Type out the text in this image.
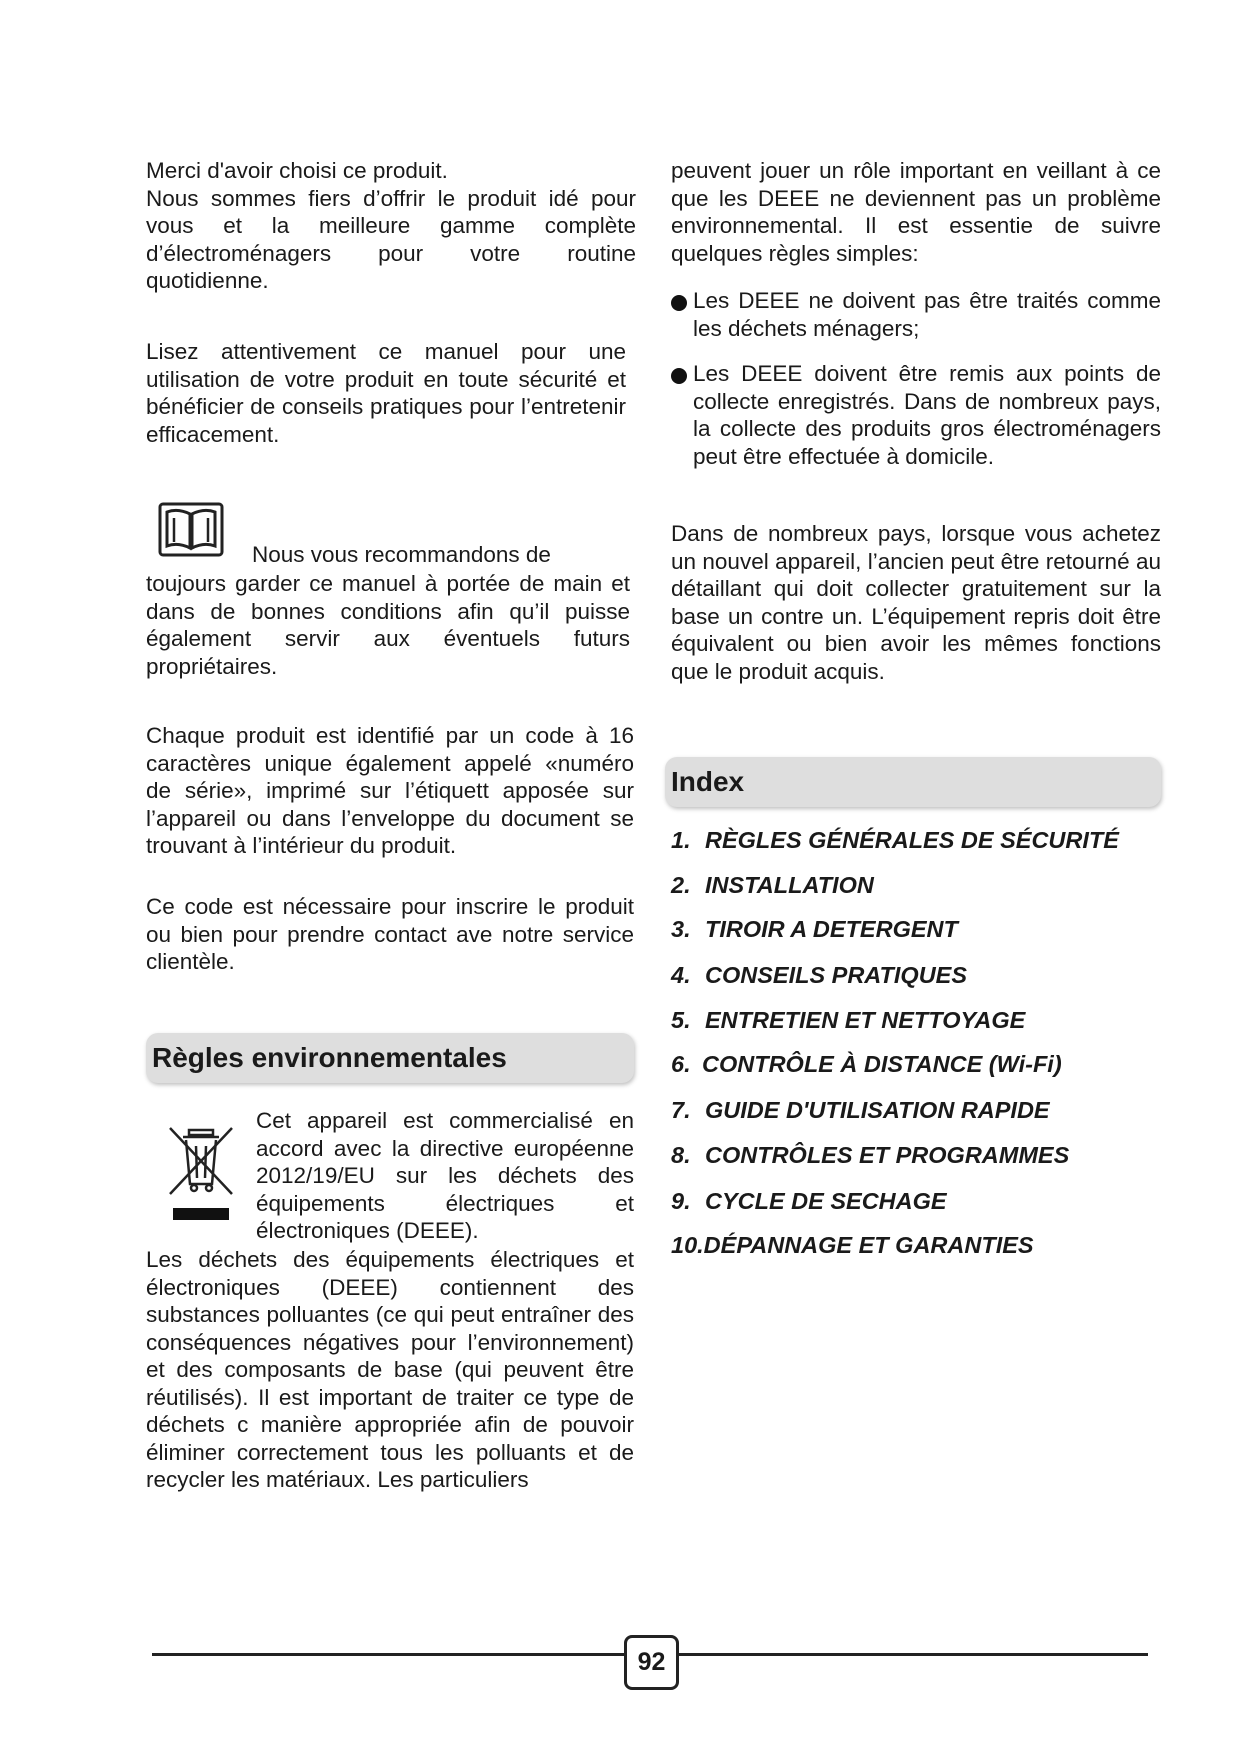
Merci d'avoir choisi ce produit.
Nous sommes fiers d’offrir le produit idé pour vous et la meilleure gamme complète d’électroménagers pour votre routine quotidienne.

Lisez attentivement ce manuel pour une utilisation de votre produit en toute sécurité et bénéficier de conseils pratiques pour l’entretenir efficacement.

Nous vous recommandons de

toujours garder ce manuel à portée de main et dans de bonnes conditions afin qu’il puisse également servir aux éventuels futurs propriétaires.

Chaque produit est identifié par un code à 16 caractères unique également appelé «numéro de série», imprimé sur l’étiquett apposée sur l’appareil ou dans l’enveloppe du document se trouvant à l’intérieur du produit.

Ce code est nécessaire pour inscrire le produit ou bien pour prendre contact ave notre service clientèle.

Règles environnementales

Cet appareil est commercialisé en accord avec la directive européenne 2012/19/EU sur les déchets des équipements électriques et électroniques (DEEE).

Les déchets des équipements électriques et électroniques (DEEE) contiennent des substances polluantes (ce qui peut entraîner des conséquences négatives pour l’environnement) et des composants de base (qui peuvent être réutilisés). Il est important de traiter ce type de déchets c manière appropriée afin de pouvoir éliminer correctement tous les polluants et de recycler les matériaux. Les particuliers

peuvent jouer un rôle important en veillant à ce que les DEEE ne deviennent pas un problème environnemental. Il est essentie de suivre quelques règles simples:

Les DEEE ne doivent pas être traités comme les déchets ménagers;
Les DEEE doivent être remis aux points de collecte enregistrés. Dans de nombreux pays, la collecte des produits gros électroménagers peut être effectuée à domicile.

Dans de nombreux pays, lorsque vous achetez un nouvel appareil, l’ancien peut être retourné au détaillant qui doit collecter gratuitement sur la base un contre un. L’équipement repris doit être équivalent ou bien avoir les mêmes fonctions que le produit acquis.

Index
1. RÈGLES GÉNÉRALES DE SÉCURITÉ
2. INSTALLATION
3. TIROIR A DETERGENT
4. CONSEILS PRATIQUES
5. ENTRETIEN ET NETTOYAGE
6. CONTRÔLE À DISTANCE (Wi-Fi)
7. GUIDE D'UTILISATION RAPIDE
8. CONTRÔLES ET PROGRAMMES
9. CYCLE DE SECHAGE
10.DÉPANNAGE ET GARANTIES
92
